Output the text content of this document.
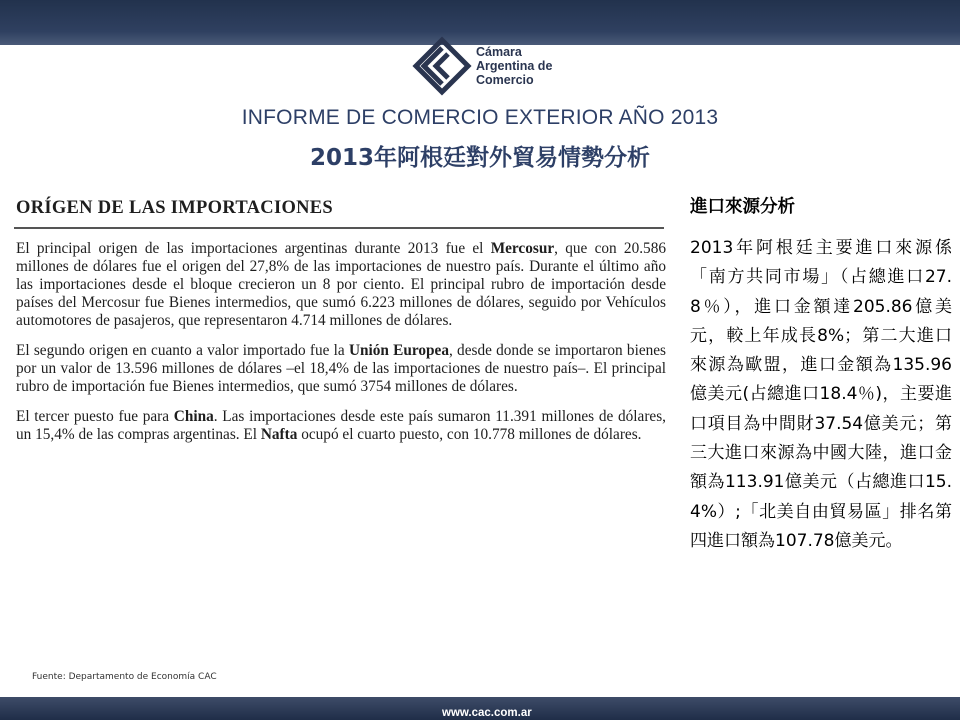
Cámara
Argentina de
Comercio
INFORME DE COMERCIO EXTERIOR AÑO 2013
2013年阿根廷對外貿易情勢分析
ORÍGEN DE LAS IMPORTACIONES

El principal origen de las importaciones argentinas durante 2013 fue el Mercosur, que con 20.586 millones de dólares fue el origen del 27,8% de las importaciones de nuestro país. Durante el último año las importaciones desde el bloque crecieron un 8 por ciento. El principal rubro de importación desde países del Mercosur fue Bienes intermedios, que sumó 6.223 millones de dólares, seguido por Vehículos automotores de pasajeros, que representaron 4.714 millones de dólares.

El segundo origen en cuanto a valor importado fue la Unión Europea, desde donde se importaron bienes por un valor de 13.596 millones de dólares –el 18,4% de las importaciones de nuestro país–. El principal rubro de importación fue Bienes intermedios, que sumó 3754 millones de dólares.

El tercer puesto fue para China. Las importaciones desde este país sumaron 11.391 millones de dólares, un 15,4% de las compras argentinas. El Nafta ocupó el cuarto puesto, con 10.778 millones de dólares.

Fuente: Departamento de Economía CAC
進口來源分析
2013年阿根廷主要進口來源係「南方共同市場」（占總進口27.8％），進口金額達205.86億美元，較上年成長8%；第二大進口來源為歐盟，進口金額為135.96億美元(占總進口18.4％)，主要進口項目為中間財37.54億美元；第三大進口來源為中國大陸，進口金額為113.91億美元（占總進口15.4%）;「北美自由貿易區」排名第四進口額為107.78億美元。
www.cac.com.ar
